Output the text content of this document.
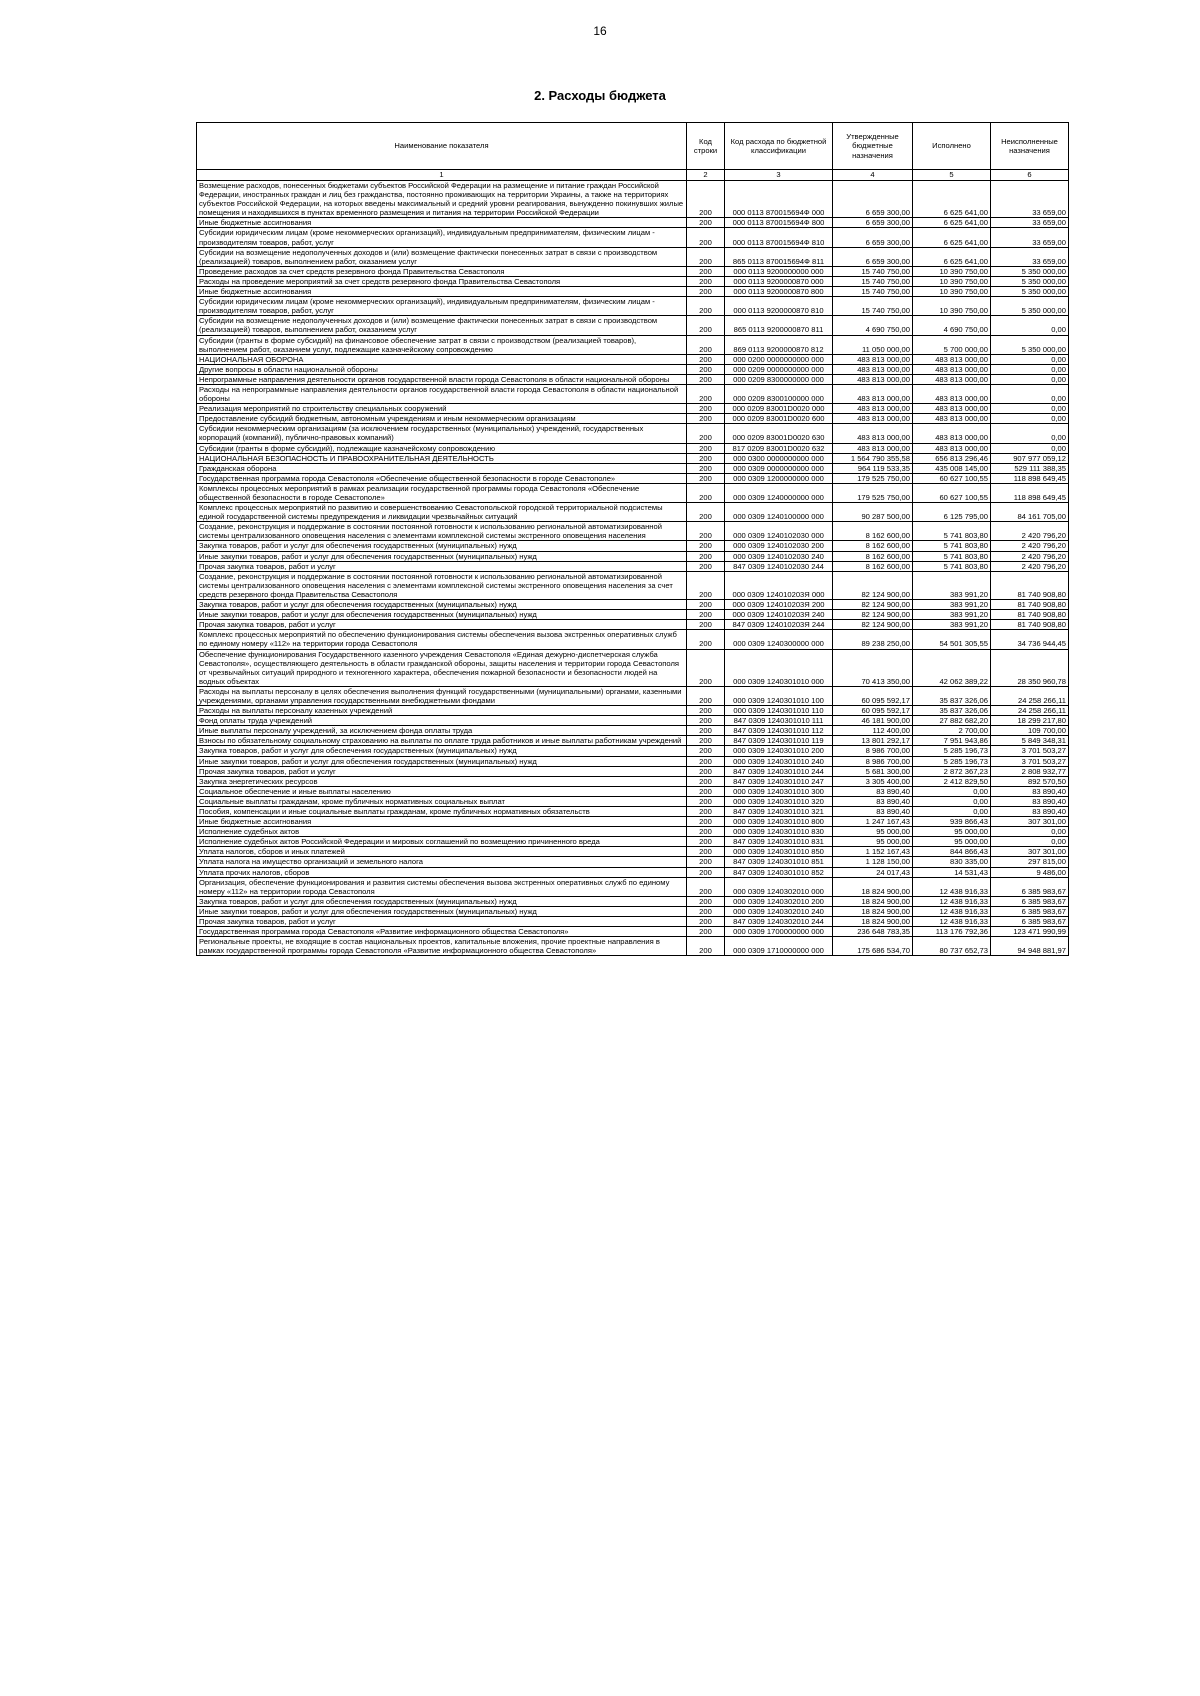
16
2. Расходы бюджета
Наименование показателя	Код строки	Код расхода по бюджетной классификации	Утвержденные бюджетные назначения	Исполнено	Неисполненные назначения
1	2	3	4	5	6
Возмещение расходов, понесенных бюджетами субъектов Российской Федерации на размещение и питание граждан Российской Федерации, иностранных граждан и лиц без гражданства, постоянно проживающих на территории Украины, а также на территориях субъектов Российской Федерации, на которых введены максимальный и средний уровни реагирования, вынужденно покинувших жилые помещения и находившихся в пунктах временного размещения и питания на территории Российской Федерации	200	000 0113 870015694Ф 000	6 659 300,00	6 625 641,00	33 659,00
Иные бюджетные ассигнования	200	000 0113 870015694Ф 800	6 659 300,00	6 625 641,00	33 659,00
Субсидии юридическим лицам (кроме некоммерческих организаций), индивидуальным предпринимателям, физическим лицам - производителям товаров, работ, услуг	200	000 0113 870015694Ф 810	6 659 300,00	6 625 641,00	33 659,00
Субсидии на возмещение недополученных доходов и (или) возмещение фактически понесенных затрат в связи с производством (реализацией) товаров, выполнением работ, оказанием услуг	200	865 0113 870015694Ф 811	6 659 300,00	6 625 641,00	33 659,00
Проведение расходов за счет средств резервного фонда Правительства Севастополя	200	000 0113 9200000000 000	15 740 750,00	10 390 750,00	5 350 000,00
Расходы на проведение мероприятий за счет средств резервного фонда Правительства Севастополя	200	000 0113 9200000870 000	15 740 750,00	10 390 750,00	5 350 000,00
Иные бюджетные ассигнования	200	000 0113 9200000870 800	15 740 750,00	10 390 750,00	5 350 000,00
Субсидии юридическим лицам (кроме некоммерческих организаций), индивидуальным предпринимателям, физическим лицам - производителям товаров, работ, услуг	200	000 0113 9200000870 810	15 740 750,00	10 390 750,00	5 350 000,00
Субсидии на возмещение недополученных доходов и (или) возмещение фактически понесенных затрат в связи с производством (реализацией) товаров, выполнением работ, оказанием услуг	200	865 0113 9200000870 811	4 690 750,00	4 690 750,00	0,00
Субсидии (гранты в форме субсидий) на финансовое обеспечение затрат в связи с производством (реализацией товаров), выполнением работ, оказанием услуг, подлежащие казначейскому сопровождению	200	869 0113 9200000870 812	11 050 000,00	5 700 000,00	5 350 000,00
НАЦИОНАЛЬНАЯ ОБОРОНА	200	000 0200 0000000000 000	483 813 000,00	483 813 000,00	0,00
Другие вопросы в области национальной обороны	200	000 0209 0000000000 000	483 813 000,00	483 813 000,00	0,00
Непрограммные направления деятельности органов государственной власти города Севастополя в области национальной обороны	200	000 0209 8300000000 000	483 813 000,00	483 813 000,00	0,00
Расходы на непрограммные направления деятельности органов государственной власти города Севастополя в области национальной обороны	200	000 0209 8300100000 000	483 813 000,00	483 813 000,00	0,00
Реализация мероприятий по строительству специальных сооружений	200	000 0209 83001D0020 000	483 813 000,00	483 813 000,00	0,00
Предоставление субсидий бюджетным, автономным учреждениям и иным некоммерческим организациям	200	000 0209 83001D0020 600	483 813 000,00	483 813 000,00	0,00
Субсидии некоммерческим организациям (за исключением государственных (муниципальных) учреждений, государственных корпораций (компаний), публично-правовых компаний)	200	000 0209 83001D0020 630	483 813 000,00	483 813 000,00	0,00
Субсидии (гранты в форме субсидий), подлежащие казначейскому сопровождению	200	817 0209 83001D0020 632	483 813 000,00	483 813 000,00	0,00
НАЦИОНАЛЬНАЯ БЕЗОПАСНОСТЬ И ПРАВООХРАНИТЕЛЬНАЯ ДЕЯТЕЛЬНОСТЬ	200	000 0300 0000000000 000	1 564 790 355,58	656 813 296,46	907 977 059,12
Гражданская оборона	200	000 0309 0000000000 000	964 119 533,35	435 008 145,00	529 111 388,35
Государственная программа города Севастополя «Обеспечение общественной безопасности в городе Севастополе»	200	000 0309 1200000000 000	179 525 750,00	60 627 100,55	118 898 649,45
Комплексы процессных мероприятий в рамках реализации государственной программы города Севастополя «Обеспечение общественной безопасности в городе Севастополе»	200	000 0309 1240000000 000	179 525 750,00	60 627 100,55	118 898 649,45
Комплекс процессных мероприятий по развитию и совершенствованию Севастопольской городской территориальной подсистемы единой государственной системы предупреждения и ликвидации чрезвычайных ситуаций	200	000 0309 1240100000 000	90 287 500,00	6 125 795,00	84 161 705,00
Создание, реконструкция и поддержание в состоянии постоянной готовности к использованию региональной автоматизированной системы централизованного оповещения населения с элементами комплексной системы экстренного оповещения населения	200	000 0309 1240102030 000	8 162 600,00	5 741 803,80	2 420 796,20
Закупка товаров, работ и услуг для обеспечения государственных (муниципальных) нужд	200	000 0309 1240102030 200	8 162 600,00	5 741 803,80	2 420 796,20
Иные закупки товаров, работ и услуг для обеспечения государственных (муниципальных) нужд	200	000 0309 1240102030 240	8 162 600,00	5 741 803,80	2 420 796,20
Прочая закупка товаров, работ и услуг	200	847 0309 1240102030 244	8 162 600,00	5 741 803,80	2 420 796,20
Создание, реконструкция и поддержание в состоянии постоянной готовности к использованию региональной автоматизированной системы централизованного оповещения населения с элементами комплексной системы экстренного оповещения населения за счет средств резервного фонда Правительства Севастополя	200	000 0309 124010203Я 000	82 124 900,00	383 991,20	81 740 908,80
Закупка товаров, работ и услуг для обеспечения государственных (муниципальных) нужд	200	000 0309 124010203Я 200	82 124 900,00	383 991,20	81 740 908,80
Иные закупки товаров, работ и услуг для обеспечения государственных (муниципальных) нужд	200	000 0309 124010203Я 240	82 124 900,00	383 991,20	81 740 908,80
Прочая закупка товаров, работ и услуг	200	847 0309 124010203Я 244	82 124 900,00	383 991,20	81 740 908,80
Комплекс процессных мероприятий по обеспечению функционирования системы обеспечения вызова экстренных оперативных служб по единому номеру «112» на территории города Севастополя	200	000 0309 1240300000 000	89 238 250,00	54 501 305,55	34 736 944,45
Обеспечение функционирования Государственного казенного учреждения Севастополя «Единая дежурно-диспетчерская служба Севастополя», осуществляющего деятельность в области гражданской обороны, защиты населения и территории города Севастополя от чрезвычайных ситуаций природного и техногенного характера, обеспечения пожарной безопасности и безопасности людей на водных объектах	200	000 0309 1240301010 000	70 413 350,00	42 062 389,22	28 350 960,78
Расходы на выплаты персоналу в целях обеспечения выполнения функций государственными (муниципальными) органами, казенными учреждениями, органами управления государственными внебюджетными фондами	200	000 0309 1240301010 100	60 095 592,17	35 837 326,06	24 258 266,11
Расходы на выплаты персоналу казенных учреждений	200	000 0309 1240301010 110	60 095 592,17	35 837 326,06	24 258 266,11
Фонд оплаты труда учреждений	200	847 0309 1240301010 111	46 181 900,00	27 882 682,20	18 299 217,80
Иные выплаты персоналу учреждений, за исключением фонда оплаты труда	200	847 0309 1240301010 112	112 400,00	2 700,00	109 700,00
Взносы по обязательному социальному страхованию на выплаты по оплате труда работников и иные выплаты работникам учреждений	200	847 0309 1240301010 119	13 801 292,17	7 951 943,86	5 849 348,31
Закупка товаров, работ и услуг для обеспечения государственных (муниципальных) нужд	200	000 0309 1240301010 200	8 986 700,00	5 285 196,73	3 701 503,27
Иные закупки товаров, работ и услуг для обеспечения государственных (муниципальных) нужд	200	000 0309 1240301010 240	8 986 700,00	5 285 196,73	3 701 503,27
Прочая закупка товаров, работ и услуг	200	847 0309 1240301010 244	5 681 300,00	2 872 367,23	2 808 932,77
Закупка энергетических ресурсов	200	847 0309 1240301010 247	3 305 400,00	2 412 829,50	892 570,50
Социальное обеспечение и иные выплаты населению	200	000 0309 1240301010 300	83 890,40	0,00	83 890,40
Социальные выплаты гражданам, кроме публичных нормативных социальных выплат	200	000 0309 1240301010 320	83 890,40	0,00	83 890,40
Пособия, компенсации и иные социальные выплаты гражданам, кроме публичных нормативных обязательств	200	847 0309 1240301010 321	83 890,40	0,00	83 890,40
Иные бюджетные ассигнования	200	000 0309 1240301010 800	1 247 167,43	939 866,43	307 301,00
Исполнение судебных актов	200	000 0309 1240301010 830	95 000,00	95 000,00	0,00
Исполнение судебных актов Российской Федерации и мировых соглашений по возмещению причиненного вреда	200	847 0309 1240301010 831	95 000,00	95 000,00	0,00
Уплата налогов, сборов и иных платежей	200	000 0309 1240301010 850	1 152 167,43	844 866,43	307 301,00
Уплата налога на имущество организаций и земельного налога	200	847 0309 1240301010 851	1 128 150,00	830 335,00	297 815,00
Уплата прочих налогов, сборов	200	847 0309 1240301010 852	24 017,43	14 531,43	9 486,00
Организация, обеспечение функционирования и развития системы обеспечения вызова экстренных оперативных служб по единому номеру «112» на территории города Севастополя	200	000 0309 1240302010 000	18 824 900,00	12 438 916,33	6 385 983,67
Закупка товаров, работ и услуг для обеспечения государственных (муниципальных) нужд	200	000 0309 1240302010 200	18 824 900,00	12 438 916,33	6 385 983,67
Иные закупки товаров, работ и услуг для обеспечения государственных (муниципальных) нужд	200	000 0309 1240302010 240	18 824 900,00	12 438 916,33	6 385 983,67
Прочая закупка товаров, работ и услуг	200	847 0309 1240302010 244	18 824 900,00	12 438 916,33	6 385 983,67
Государственная программа города Севастополя «Развитие информационного общества Севастополя»	200	000 0309 1700000000 000	236 648 783,35	113 176 792,36	123 471 990,99
Региональные проекты, не входящие в состав национальных проектов, капитальные вложения, прочие проектные направления в рамках государственной программы города Севастополя «Развитие информационного общества Севастополя»	200	000 0309 1710000000 000	175 686 534,70	80 737 652,73	94 948 881,97
